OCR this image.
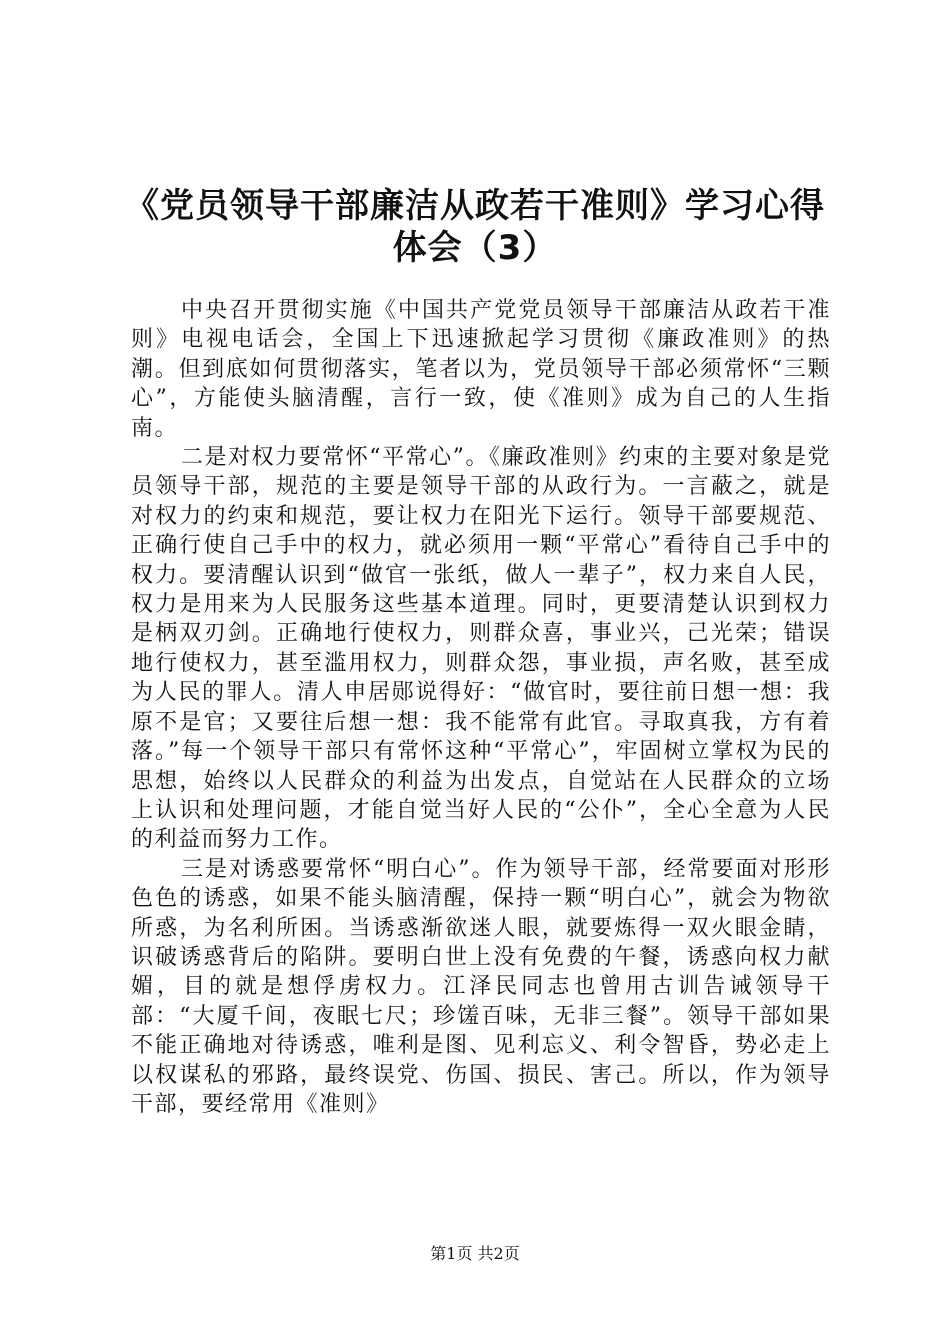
《党员领导干部廉洁从政若干准则》学习心得
体会（3）

中央召开贯彻实施《中国共产党党员领导干部廉洁从政若干准则》电视电话会，全国上下迅速掀起学习贯彻《廉政准则》的热潮。但到底如何贯彻落实，笔者以为，党员领导干部必须常怀“三颗心”，方能使头脑清醒，言行一致，使《准则》成为自己的人生指南。

二是对权力要常怀“平常心”。《廉政准则》约束的主要对象是党员领导干部，规范的主要是领导干部的从政行为。一言蔽之，就是对权力的约束和规范，要让权力在阳光下运行。领导干部要规范、正确行使自己手中的权力，就必须用一颗“平常心”看待自己手中的权力。要清醒认识到“做官一张纸，做人一辈子”，权力来自人民，权力是用来为人民服务这些基本道理。同时，更要清楚认识到权力是柄双刃剑。正确地行使权力，则群众喜，事业兴，己光荣；错误地行使权力，甚至滥用权力，则群众怨，事业损，声名败，甚至成为人民的罪人。清人申居郧说得好：“做官时，要往前日想一想：我原不是官；又要往后想一想：我不能常有此官。寻取真我，方有着落。”每一个领导干部只有常怀这种“平常心”，牢固树立掌权为民的思想，始终以人民群众的利益为出发点，自觉站在人民群众的立场上认识和处理问题，才能自觉当好人民的“公仆”，全心全意为人民的利益而努力工作。

三是对诱惑要常怀“明白心”。作为领导干部，经常要面对形形色色的诱惑，如果不能头脑清醒，保持一颗“明白心”，就会为物欲所惑，为名利所困。当诱惑渐欲迷人眼，就要炼得一双火眼金睛，识破诱惑背后的陷阱。要明白世上没有免费的午餐，诱惑向权力献媚，目的就是想俘虏权力。江泽民同志也曾用古训告诫领导干部：“大厦千间，夜眠七尺；珍馐百味，无非三餐”。领导干部如果不能正确地对待诱惑，唯利是图、见利忘义、利令智昏，势必走上以权谋私的邪路，最终误党、伤国、损民、害己。所以，作为领导干部，要经常用《准则》

第1页 共2页
